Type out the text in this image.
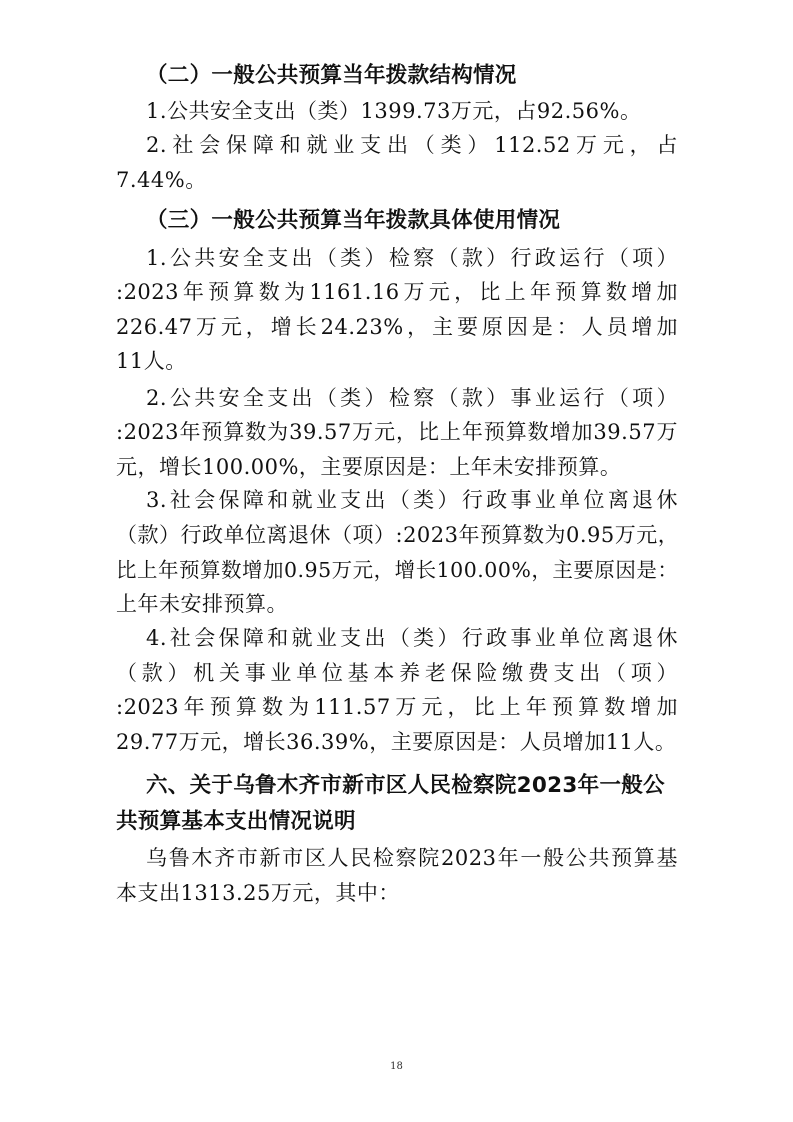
（二）一般公共预算当年拨款结构情况
1.公共安全支出（类）1399.73万元，占92.56%。
2.社会保障和就业支出（类）112.52万元，占
7.44%。
（三）一般公共预算当年拨款具体使用情况
1.公共安全支出（类）检察（款）行政运行（项）
:2023年预算数为1161.16万元，比上年预算数增加
226.47万元，增长24.23%，主要原因是：人员增加
11人。
2.公共安全支出（类）检察（款）事业运行（项）
:2023年预算数为39.57万元，比上年预算数增加39.57万
元，增长100.00%，主要原因是：上年未安排预算。
3.社会保障和就业支出（类）行政事业单位离退休
（款）行政单位离退休（项）:2023年预算数为0.95万元，
比上年预算数增加0.95万元，增长100.00%，主要原因是：
上年未安排预算。
4.社会保障和就业支出（类）行政事业单位离退休
（款）机关事业单位基本养老保险缴费支出（项）
:2023年预算数为111.57万元，比上年预算数增加
29.77万元，增长36.39%，主要原因是：人员增加11人。
六、关于乌鲁木齐市新市区人民检察院2023年一般公
共预算基本支出情况说明
乌鲁木齐市新市区人民检察院2023年一般公共预算基
本支出1313.25万元，其中：
18
